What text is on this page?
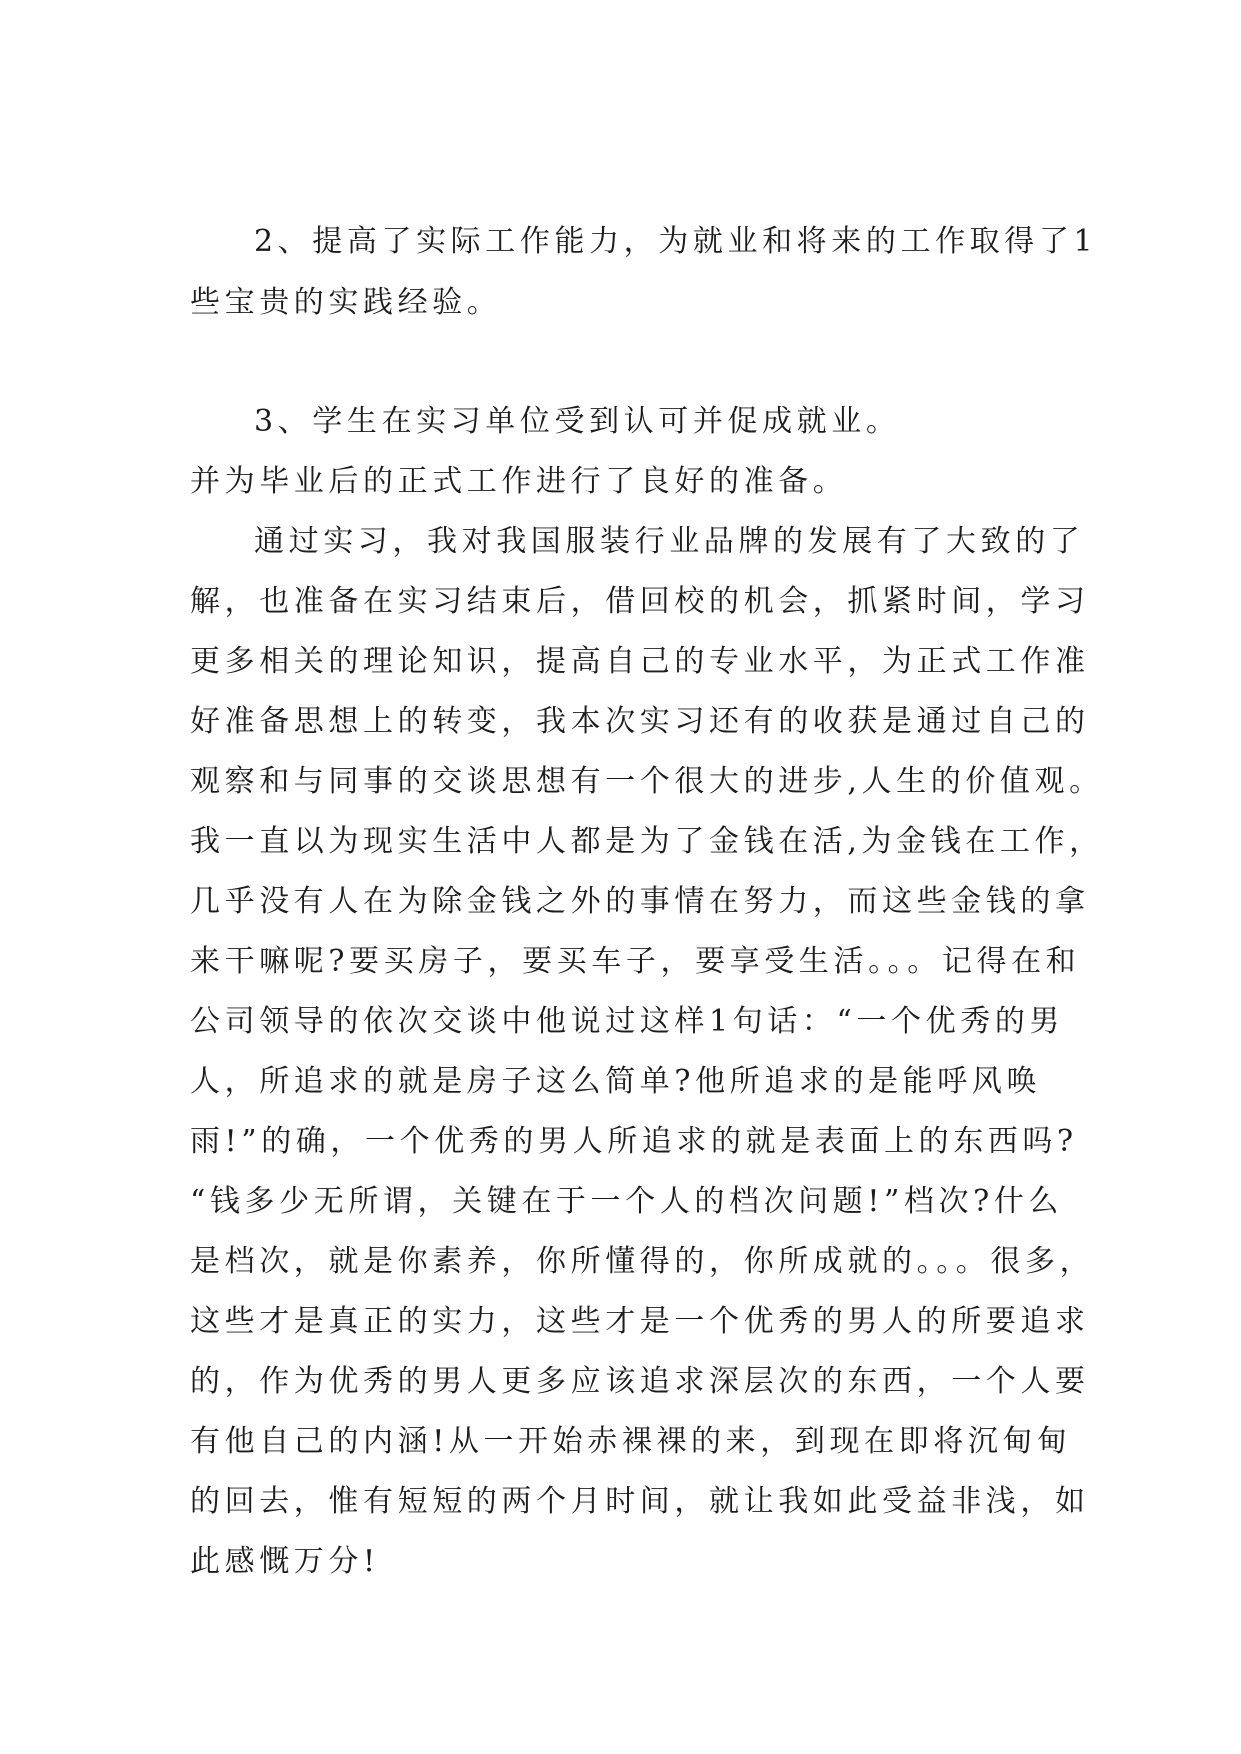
2、提高了实际工作能力，为就业和将来的工作取得了1

些宝贵的实践经验。

3、学生在实习单位受到认可并促成就业。

并为毕业后的正式工作进行了良好的准备。

通过实习，我对我国服装行业品牌的发展有了大致的了

解，也准备在实习结束后，借回校的机会，抓紧时间，学习

更多相关的理论知识，提高自己的专业水平，为正式工作准

好准备思想上的转变，我本次实习还有的收获是通过自己的

观察和与同事的交谈思想有一个很大的进步,人生的价值观。

我一直以为现实生活中人都是为了金钱在活,为金钱在工作，

几乎没有人在为除金钱之外的事情在努力，而这些金钱的拿

来干嘛呢?要买房子，要买车子，要享受生活。。。记得在和

公司领导的依次交谈中他说过这样1句话：“一个优秀的男

人，所追求的就是房子这么简单?他所追求的是能呼风唤

雨!”的确，一个优秀的男人所追求的就是表面上的东西吗?

“钱多少无所谓，关键在于一个人的档次问题!”档次?什么

是档次，就是你素养，你所懂得的，你所成就的。。。很多，

这些才是真正的实力，这些才是一个优秀的男人的所要追求

的，作为优秀的男人更多应该追求深层次的东西，一个人要

有他自己的内涵!从一开始赤裸裸的来，到现在即将沉甸甸

的回去，惟有短短的两个月时间，就让我如此受益非浅，如

此感慨万分!
